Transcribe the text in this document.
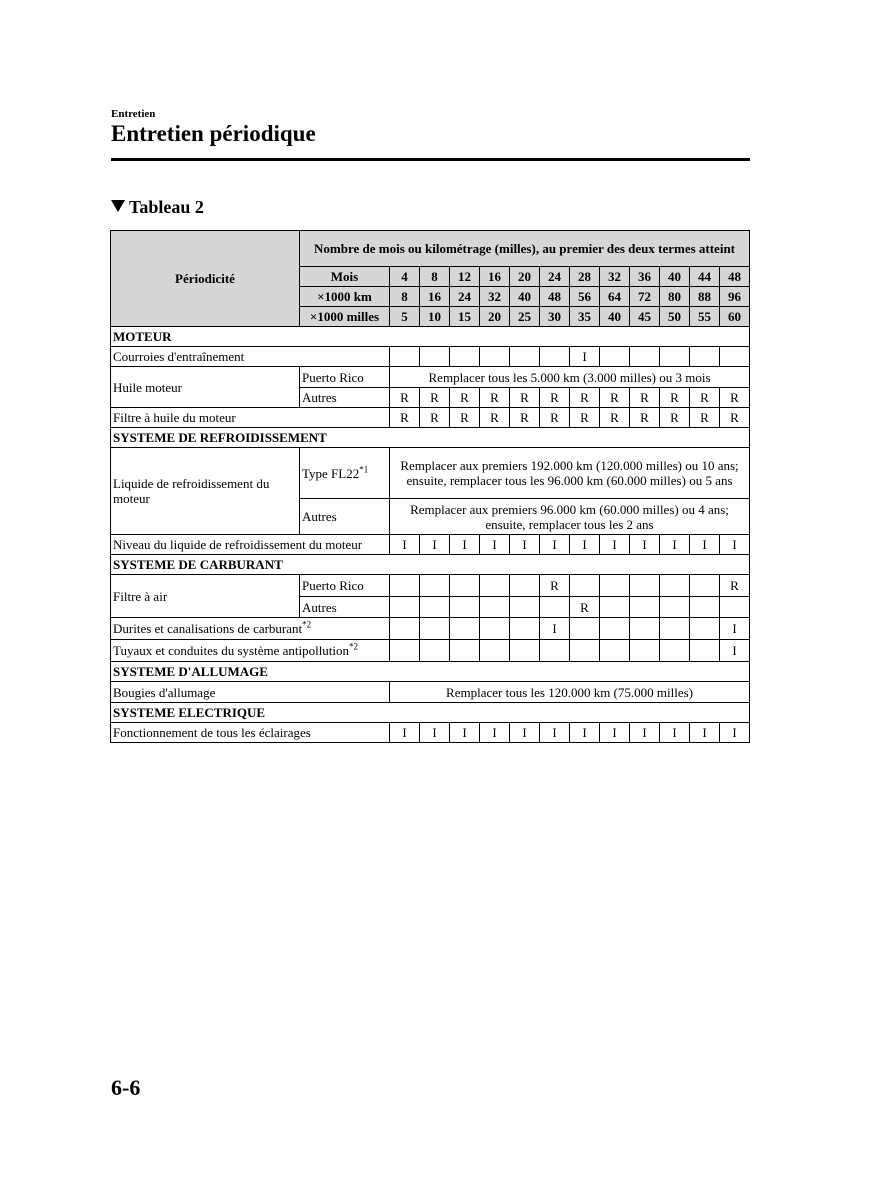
Entretien
Entretien périodique
Tableau 2
Périodicité	Nombre de mois ou kilométrage (milles), au premier des deux termes atteint												
	Mois	4	8	12	16	20	24	28	32	36	40	44	48
	×1000 km	8	16	24	32	40	48	56	64	72	80	88	96
	×1000 milles	5	10	15	20	25	30	35	40	45	50	55	60
MOTEUR													
Courroies d'entraînement								I					
Huile moteur	Puerto Rico	Remplacer tous les 5.000 km (3.000 milles) ou 3 mois											
	Autres	R	R	R	R	R	R	R	R	R	R	R	R
Filtre à huile du moteur		R	R	R	R	R	R	R	R	R	R	R	R
SYSTEME DE REFROIDISSEMENT													
Liquide de refroidissement du moteur	Type FL22$^{*1}$	Remplacer aux premiers 192.000 km (120.000 milles) ou 10 ans; ensuite, remplacer tous les 96.000 km (60.000 milles) ou 5 ans											
	Autres	Remplacer aux premiers 96.000 km (60.000 milles) ou 4 ans; ensuite, remplacer tous les 2 ans											
Niveau du liquide de refroidissement du moteur		I	I	I	I	I	I	I	I	I	I	I	I
SYSTEME DE CARBURANT													
Filtre à air	Puerto Rico						R						R
	Autres							R					
Durites et canalisations de carburant$^{*2}$							I						I
Tuyaux et conduites du système antipollution$^{*2}$													I
SYSTEME D'ALLUMAGE													
Bougies d'allumage		Remplacer tous les 120.000 km (75.000 milles)											
SYSTEME ELECTRIQUE													
Fonctionnement de tous les éclairages		I	I	I	I	I	I	I	I	I	I	I	I
6-6
